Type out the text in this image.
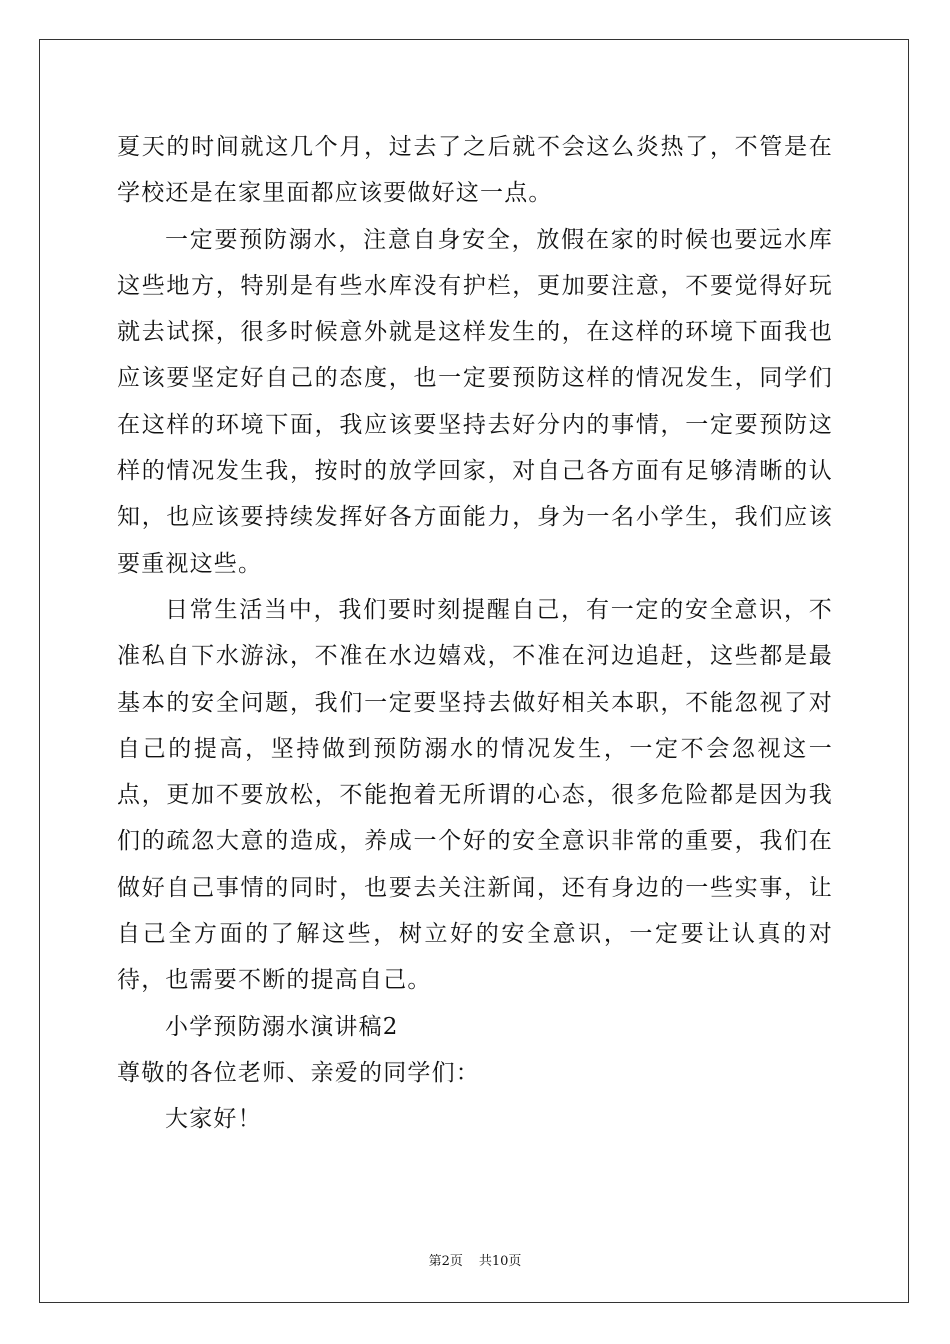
夏天的时间就这几个月，过去了之后就不会这么炎热了，不管是在学校还是在家里面都应该要做好这一点。

一定要预防溺水，注意自身安全，放假在家的时候也要远水库这些地方，特别是有些水库没有护栏，更加要注意，不要觉得好玩就去试探，很多时候意外就是这样发生的，在这样的环境下面我也应该要坚定好自己的态度，也一定要预防这样的情况发生，同学们在这样的环境下面，我应该要坚持去好分内的事情，一定要预防这样的情况发生我，按时的放学回家，对自己各方面有足够清晰的认知，也应该要持续发挥好各方面能力，身为一名小学生，我们应该要重视这些。

日常生活当中，我们要时刻提醒自己，有一定的安全意识，不准私自下水游泳，不准在水边嬉戏，不准在河边追赶，这些都是最基本的安全问题，我们一定要坚持去做好相关本职，不能忽视了对自己的提高，坚持做到预防溺水的情况发生，一定不会忽视这一点，更加不要放松，不能抱着无所谓的心态，很多危险都是因为我们的疏忽大意的造成，养成一个好的安全意识非常的重要，我们在做好自己事情的同时，也要去关注新闻，还有身边的一些实事，让自己全方面的了解这些，树立好的安全意识，一定要让认真的对待，也需要不断的提高自己。

小学预防溺水演讲稿2

尊敬的各位老师、亲爱的同学们：

大家好！

第2页 共10页
